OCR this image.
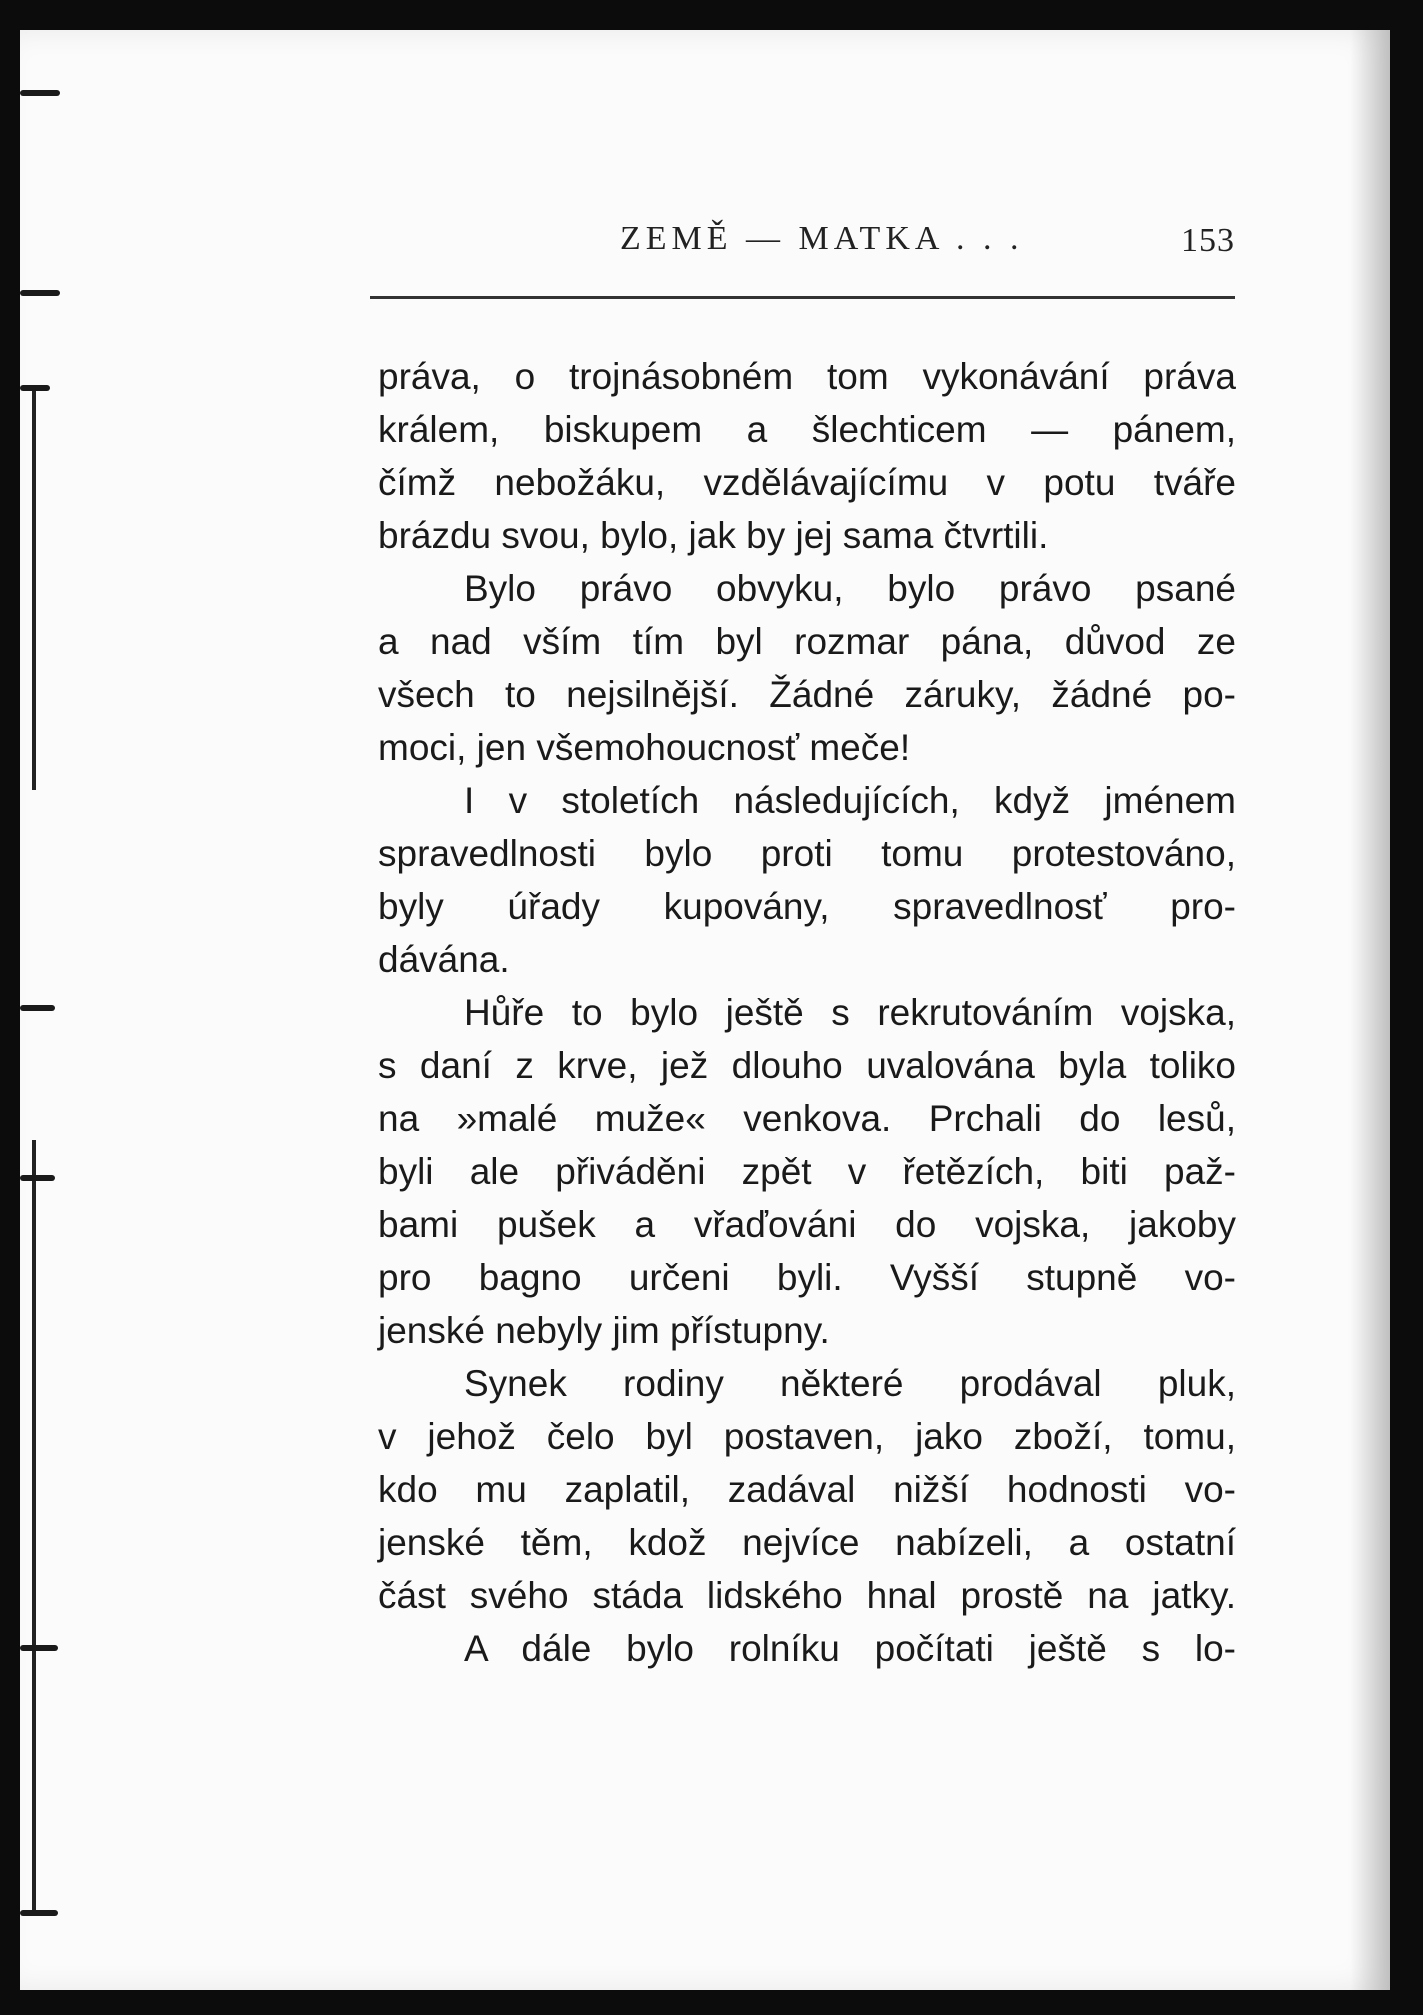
ZEMĚ — MATKA . . .	153
práva, o trojnásobném tom vykonávání práva
králem, biskupem a šlechticem — pánem,
čímž nebožáku, vzdělávajícímu v potu tváře
brázdu svou, bylo, jak by jej sama čtvrtili.
Bylo právo obvyku, bylo právo psané
a nad vším tím byl rozmar pána, důvod ze
všech to nejsilnější. Žádné záruky, žádné po-
moci, jen všemohoucnosť meče!
I v stoletích následujících, když jménem
spravedlnosti bylo proti tomu protestováno,
byly úřady kupovány, spravedlnosť pro-
dávána.
Hůře to bylo ještě s rekrutováním vojska,
s daní z krve, jež dlouho uvalována byla toliko
na »malé muže« venkova. Prchali do lesů,
byli ale přiváděni zpět v řetězích, biti paž-
bami pušek a vřaďováni do vojska, jakoby
pro bagno určeni byli. Vyšší stupně vo-
jenské nebyly jim přístupny.
Synek rodiny některé prodával pluk,
v jehož čelo byl postaven, jako zboží, tomu,
kdo mu zaplatil, zadával nižší hodnosti vo-
jenské těm, kdož nejvíce nabízeli, a ostatní
část svého stáda lidského hnal prostě na jatky.
A dále bylo rolníku počítati ještě s lo-
